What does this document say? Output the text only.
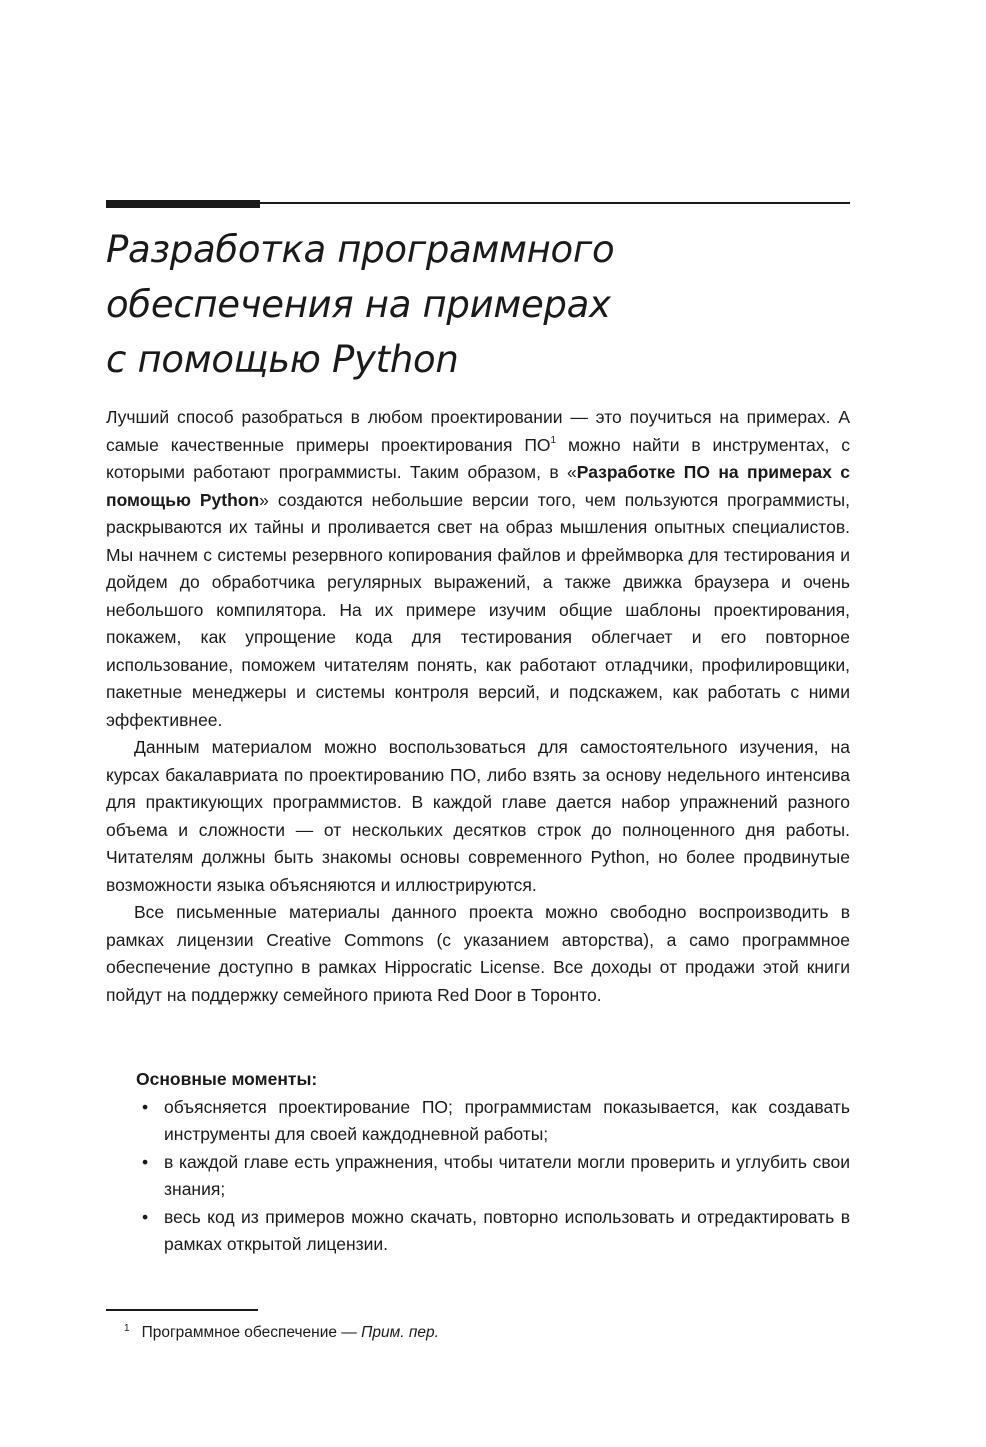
Разработка программного
обеспечения на примерах
с помощью Python

Лучший способ разобраться в любом проектировании — это поучиться на примерах. А самые качественные примеры проектирования $ПО^1$ можно найти в инструментах, с которыми работают программисты. Таким образом, в «Разработке ПО на примерах с помощью Python» создаются небольшие версии того, чем пользуются программисты, раскрываются их тайны и проливается свет на образ мышления опытных специалистов. Мы начнем с системы резервного копирования файлов и фреймворка для тестирования и дойдем до обработчика регулярных выражений, а также движка браузера и очень небольшого компилятора. На их примере изучим общие шаблоны проектирования, покажем, как упрощение кода для тестирования облегчает и его повторное использование, поможем читателям понять, как работают отладчики, профилировщики, пакетные менеджеры и системы контроля версий, и подскажем, как работать с ними эффективнее.

Данным материалом можно воспользоваться для самостоятельного изучения, на курсах бакалавриата по проектированию ПО, либо взять за основу недельного интенсива для практикующих программистов. В каждой главе дается набор упражнений разного объема и сложности — от нескольких десятков строк до полноценного дня работы. Читателям должны быть знакомы основы современного Python, но более продвинутые возможности языка объясняются и иллюстрируются.

Все письменные материалы данного проекта можно свободно воспроизводить в рамках лицензии Creative Commons (с указанием авторства), а само программное обеспечение доступно в рамках Hippocratic License. Все доходы от продажи этой книги пойдут на поддержку семейного приюта Red Door в Торонто.

Основные моменты:

• объясняется проектирование ПО; программистам показывается, как создавать инструменты для своей каждодневной работы;
• в каждой главе есть упражнения, чтобы читатели могли проверить и углубить свои знания;
• весь код из примеров можно скачать, повторно использовать и отредактировать в рамках открытой лицензии.
$^1$ Программное обеспечение — Прим. пер.
